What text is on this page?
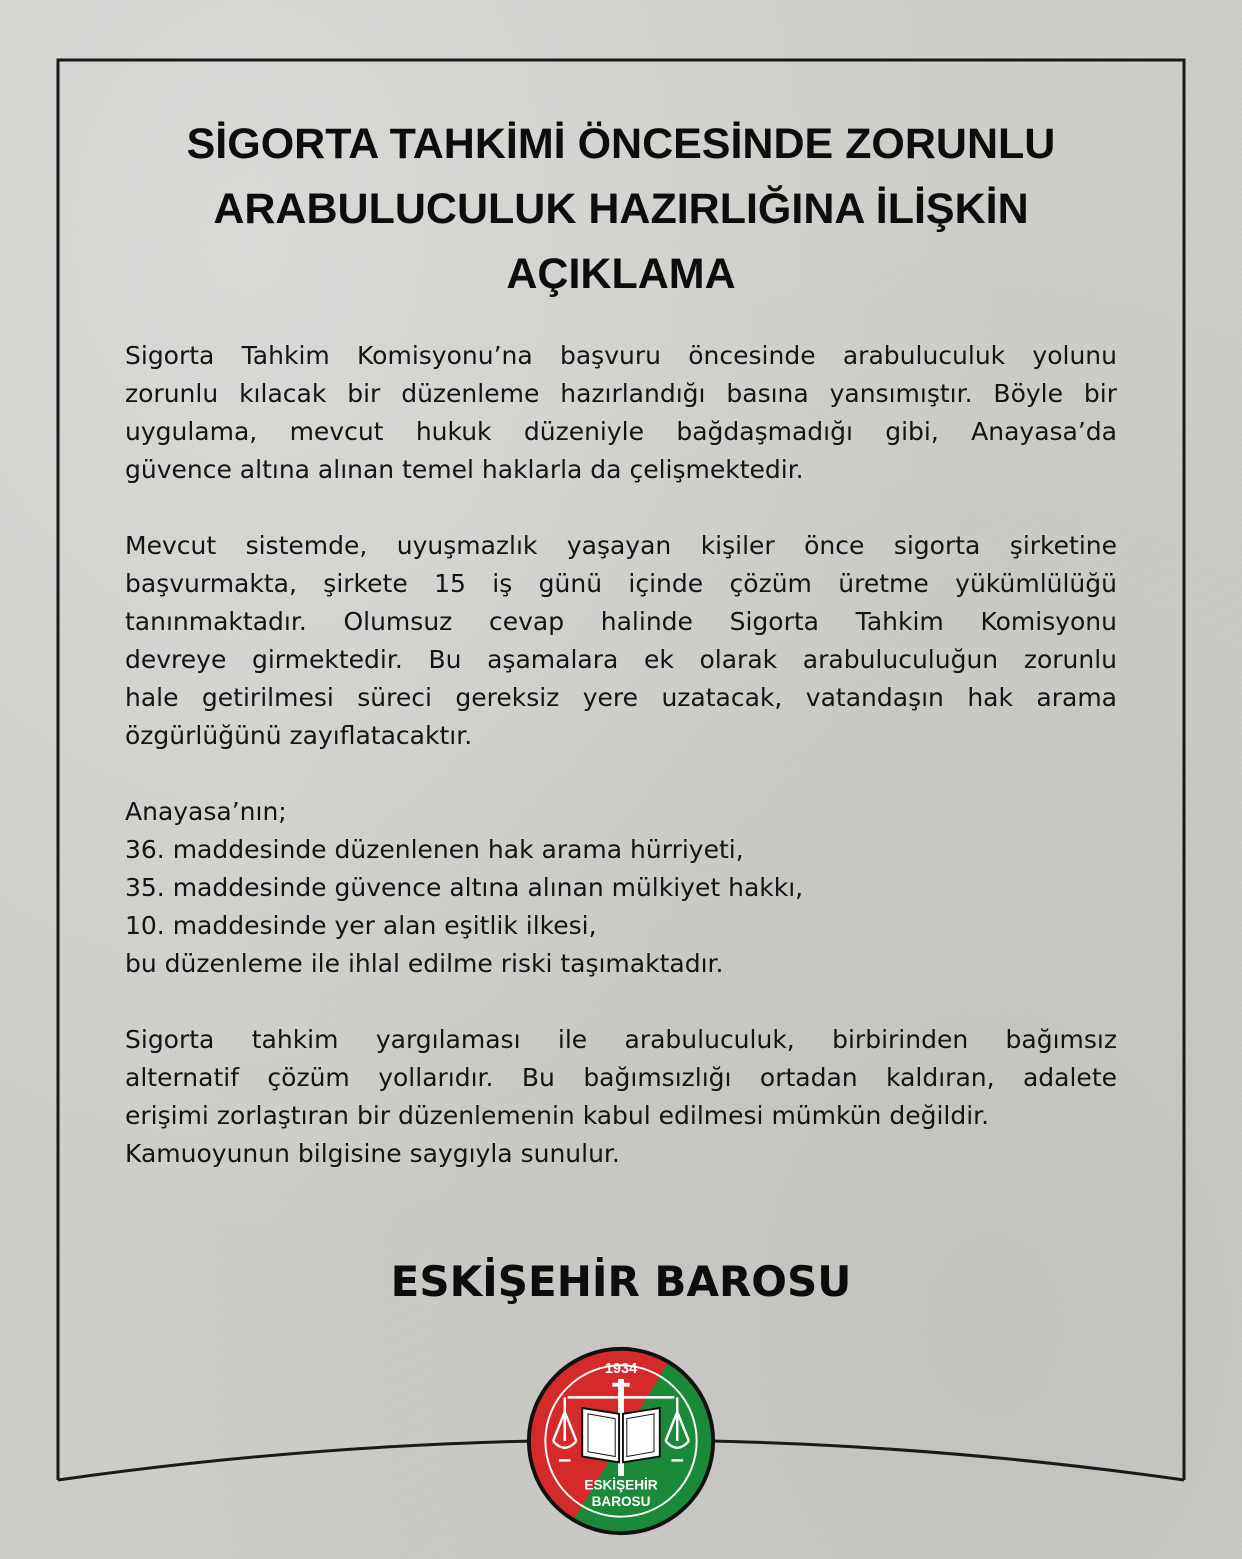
SİGORTA TAHKİMİ ÖNCESİNDE ZORUNLU
ARABULUCULUK HAZIRLIĞINA İLİŞKİN
AÇIKLAMA

Sigorta Tahkim Komisyonu’na başvuru öncesinde arabuluculuk yolunu
zorunlu kılacak bir düzenleme hazırlandığı basına yansımıştır. Böyle bir
uygulama, mevcut hukuk düzeniyle bağdaşmadığı gibi, Anayasa’da
güvence altına alınan temel haklarla da çelişmektedir.

Mevcut sistemde, uyuşmazlık yaşayan kişiler önce sigorta şirketine
başvurmakta, şirkete 15 iş günü içinde çözüm üretme yükümlülüğü
tanınmaktadır. Olumsuz cevap halinde Sigorta Tahkim Komisyonu
devreye girmektedir. Bu aşamalara ek olarak arabuluculuğun zorunlu
hale getirilmesi süreci gereksiz yere uzatacak, vatandaşın hak arama
özgürlüğünü zayıflatacaktır.

Anayasa’nın;
36. maddesinde düzenlenen hak arama hürriyeti,
35. maddesinde güvence altına alınan mülkiyet hakkı,
10. maddesinde yer alan eşitlik ilkesi,
bu düzenleme ile ihlal edilme riski taşımaktadır.

Sigorta tahkim yargılaması ile arabuluculuk, birbirinden bağımsız
alternatif çözüm yollarıdır. Bu bağımsızlığı ortadan kaldıran, adalete
erişimi zorlaştıran bir düzenlemenin kabul edilmesi mümkün değildir.
Kamuoyunun bilgisine saygıyla sunulur.

ESKİŞEHİR BAROSU
1934
ESKİŞEHİR
BAROSU
